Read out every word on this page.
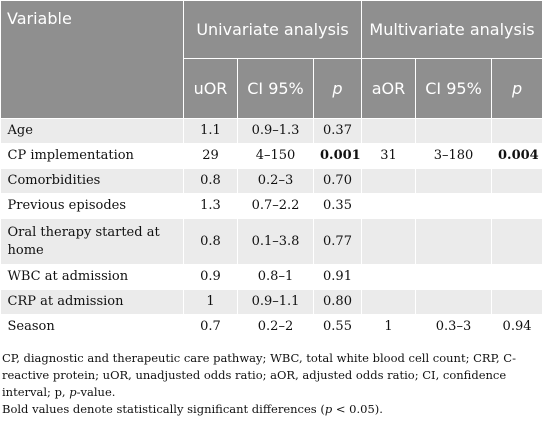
Variable	Univariate analysis			Multivariate analysis		
	uOR	CI 95%	p	aOR	CI 95%	p
Age	1.1	0.9–1.3	0.37			
CP implementation	29	4–150	0.001	31	3–180	0.004
Comorbidities	0.8	0.2–3	0.70			
Previous episodes	1.3	0.7–2.2	0.35			
Oral therapy started at home	0.8	0.1–3.8	0.77			
WBC at admission	0.9	0.8–1	0.91			
CRP at admission	1	0.9–1.1	0.80			
Season	0.7	0.2–2	0.55	1	0.3–3	0.94

CP, diagnostic and therapeutic care pathway; WBC, total white blood cell count; CRP, C-reactive protein; uOR, unadjusted odds ratio; aOR, adjusted odds ratio; CI, confidence interval; p, p-value.

Bold values denote statistically significant differences (p < 0.05).
